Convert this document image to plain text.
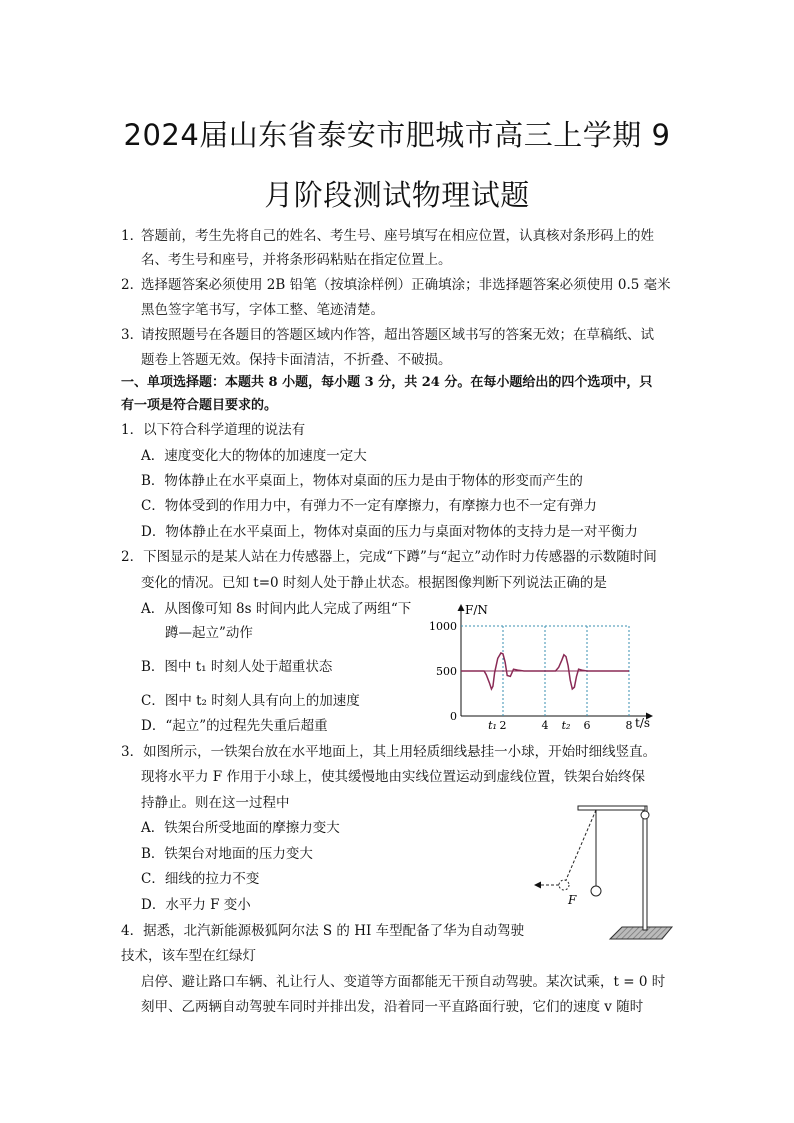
2024届山东省泰安市肥城市高三上学期 9
月阶段测试物理试题
1．
答题前，考生先将自己的姓名、考生号、座号填写在相应位置，认真核对条形码上的姓
名、考生号和座号，并将条形码粘贴在指定位置上。
2．
选择题答案必须使用 2B 铅笔（按填涂样例）正确填涂；非选择题答案必须使用 0.5 毫米
黑色签字笔书写，字体工整、笔迹清楚。
3．
请按照题号在各题目的答题区域内作答，超出答题区域书写的答案无效；在草稿纸、试
题卷上答题无效。保持卡面清洁，不折叠、不破损。
一、单项选择题：本题共 8 小题，每小题 3 分，共 24 分。在每小题给出的四个选项中，只
有一项是符合题目要求的。
1．以下符合科学道理的说法有
A．速度变化大的物体的加速度一定大
B．物体静止在水平桌面上，物体对桌面的压力是由于物体的形变而产生的
C．物体受到的作用力中，有弹力不一定有摩擦力，有摩擦力也不一定有弹力
D．物体静止在水平桌面上，物体对桌面的压力与桌面对物体的支持力是一对平衡力
2．下图显示的是某人站在力传感器上，完成“下蹲”与“起立”动作时力传感器的示数随时间
变化的情况。已知 t=0 时刻人处于静止状态。根据图像判断下列说法正确的是
A．从图像可知 8s 时间内此人完成了两组“下
蹲—起立”动作
B．图中 t₁ 时刻人处于超重状态
C．图中 t₂ 时刻人具有向上的加速度
D．“起立”的过程先失重后超重
0
500
1000
t₁ 2	4 t₂ 6	8
F/N
t/s
3．如图所示，一铁架台放在水平地面上，其上用轻质细线悬挂一小球，开始时细线竖直。
现将水平力 F 作用于小球上，使其缓慢地由实线位置运动到虚线位置，铁架台始终保
持静止。则在这一过程中
A．铁架台所受地面的摩擦力变大
B．铁架台对地面的压力变大
C．细线的拉力不变
D．水平力 F 变小	F
4．据悉，北汽新能源极狐阿尔法 S 的 HI 车型配备了华为自动驾驶
技术，该车型在红绿灯
启停、避让路口车辆、礼让行人、变道等方面都能无干预自动驾驶。某次试乘，t = 0 时
刻甲、乙两辆自动驾驶车同时并排出发，沿着同一平直路面行驶，它们的速度 v 随时
